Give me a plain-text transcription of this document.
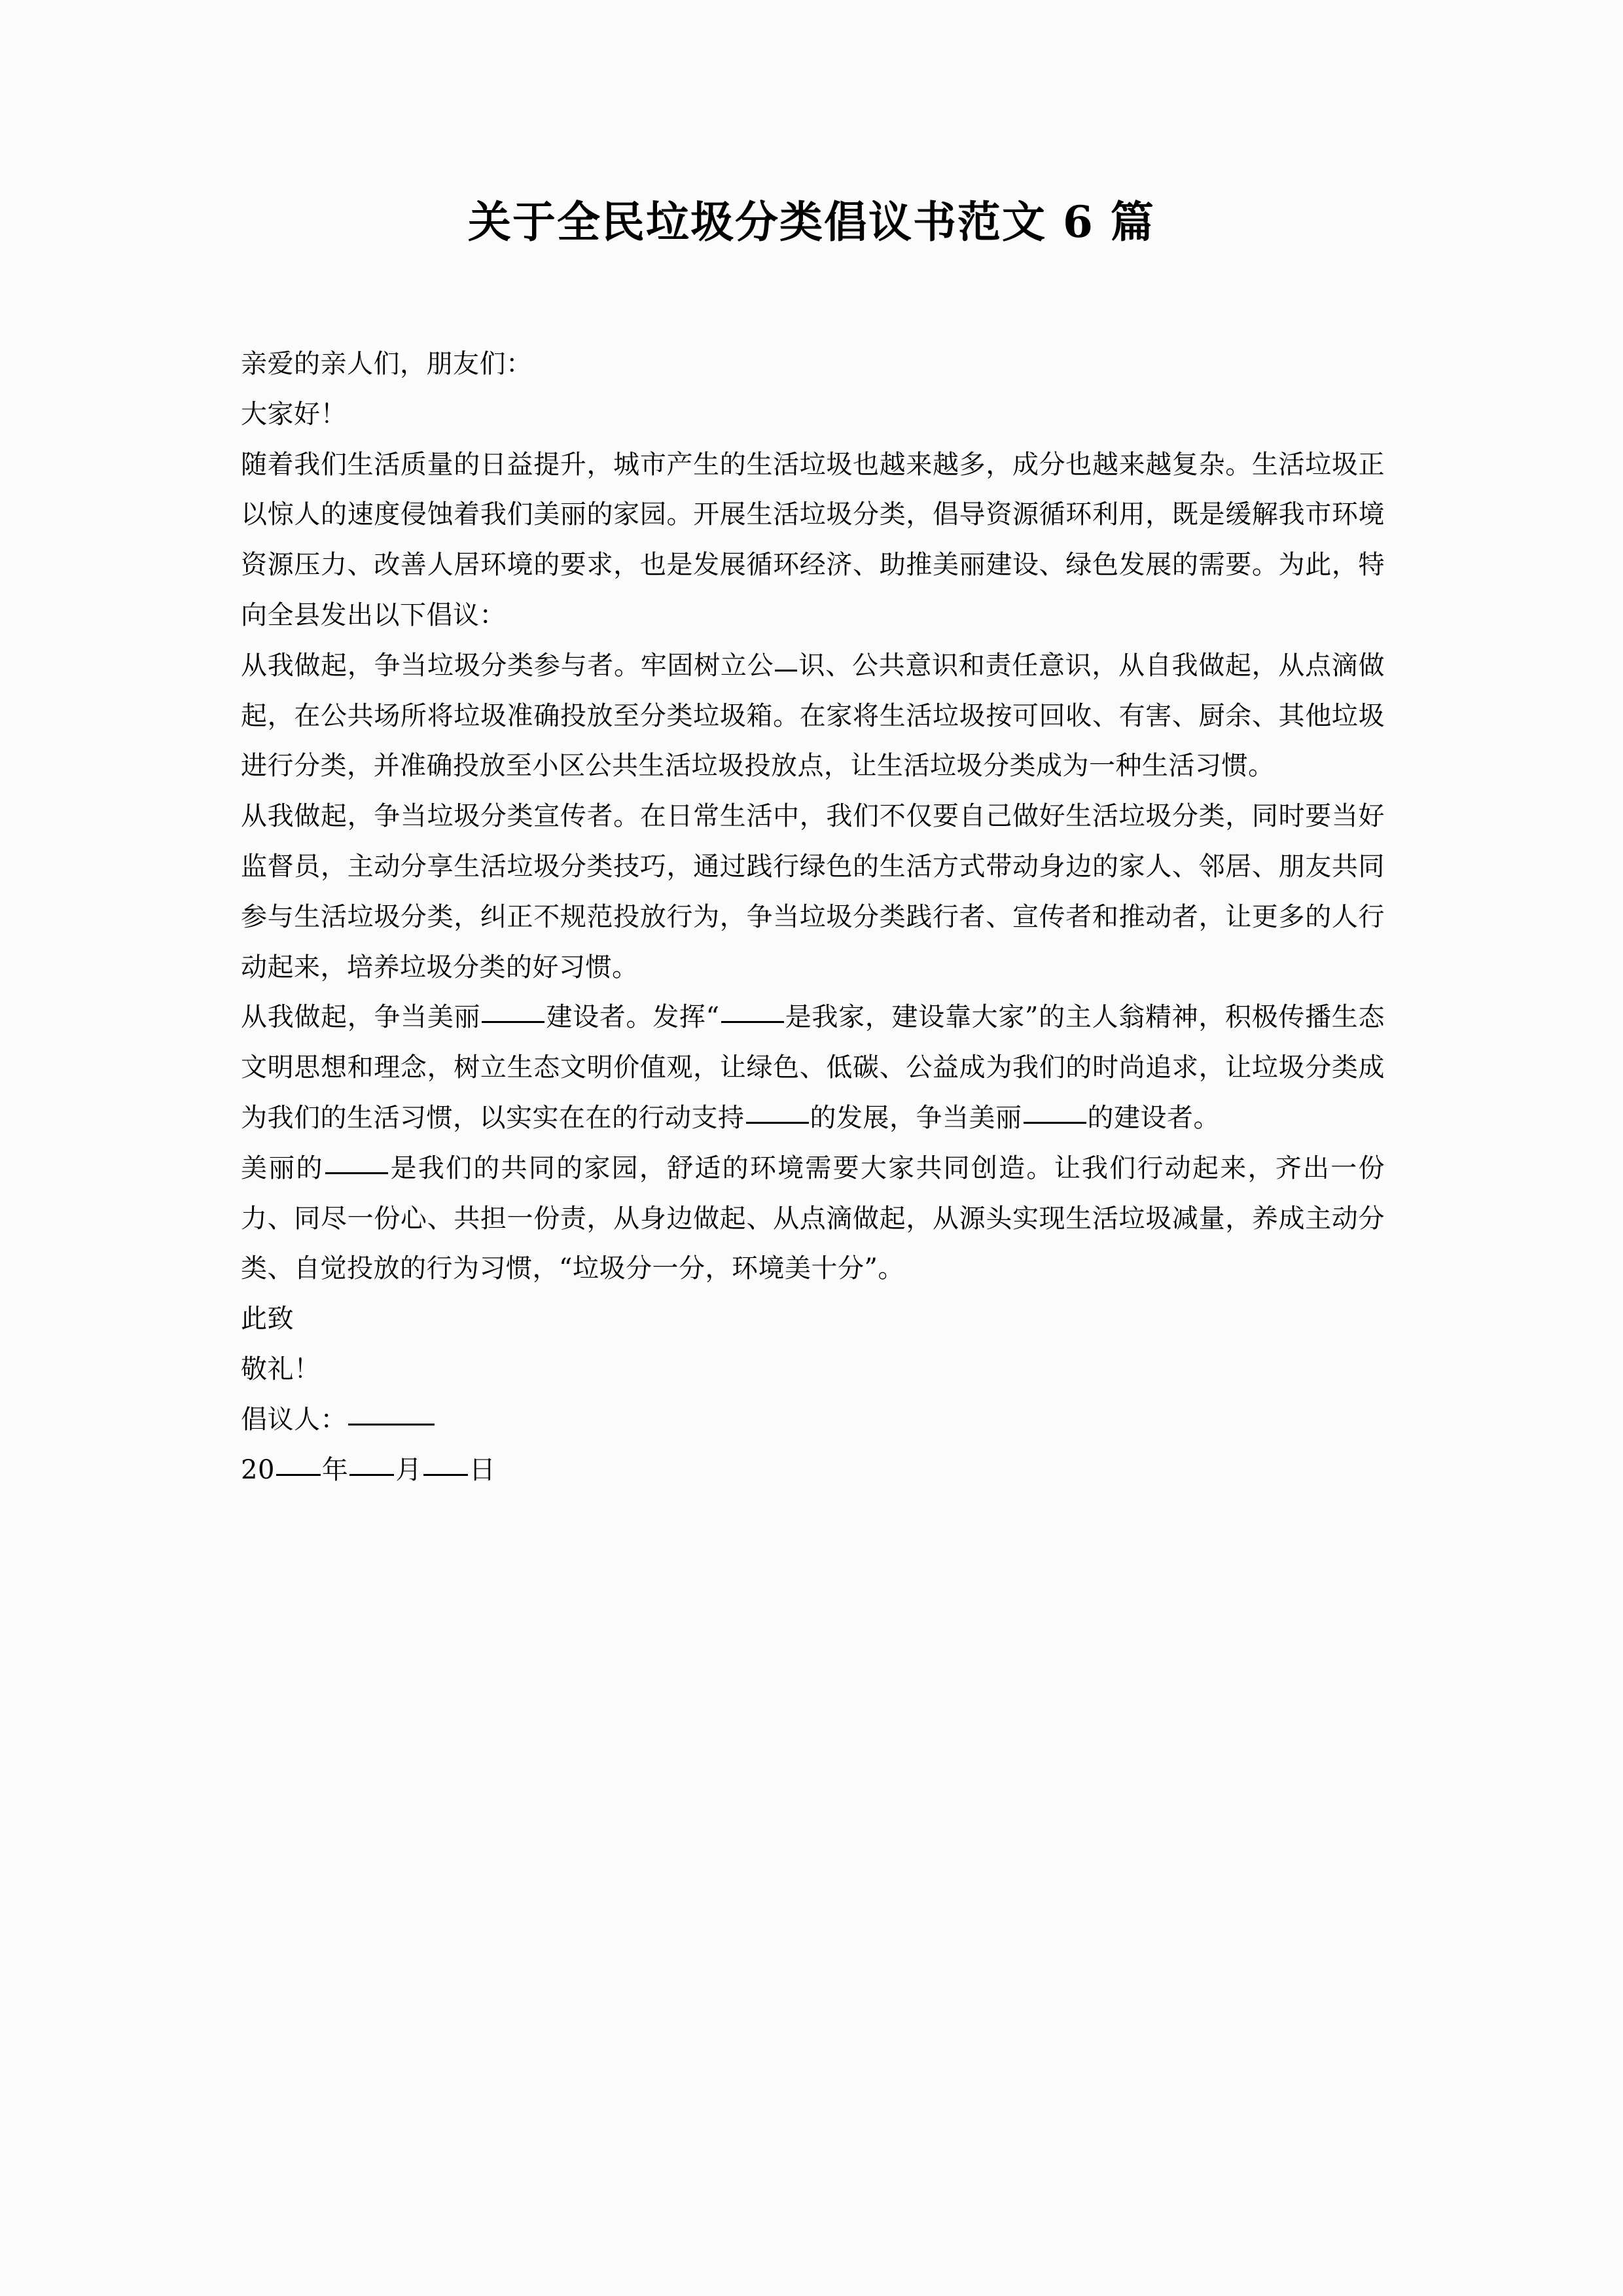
关于全民垃圾分类倡议书范文 6 篇

亲爱的亲人们，朋友们：

大家好！

随着我们生活质量的日益提升，城市产生的生活垃圾也越来越多，成分也越来越复杂。生活垃圾正以惊人的速度侵蚀着我们美丽的家园。开展生活垃圾分类，倡导资源循环利用，既是缓解我市环境资源压力、改善人居环境的要求，也是发展循环经济、助推美丽建设、绿色发展的需要。为此，特向全县发出以下倡议：

从我做起，争当垃圾分类参与者。牢固树立公 识、公共意识和责任意识，从自我做起，从点滴做起，在公共场所将垃圾准确投放至分类垃圾箱。在家将生活垃圾按可回收、有害、厨余、其他垃圾进行分类，并准确投放至小区公共生活垃圾投放点，让生活垃圾分类成为一种生活习惯。

从我做起，争当垃圾分类宣传者。在日常生活中，我们不仅要自己做好生活垃圾分类，同时要当好监督员，主动分享生活垃圾分类技巧，通过践行绿色的生活方式带动身边的家人、邻居、朋友共同参与生活垃圾分类，纠正不规范投放行为，争当垃圾分类践行者、宣传者和推动者，让更多的人行动起来，培养垃圾分类的好习惯。

从我做起，争当美丽	建设者。发挥“	是我家，建设靠大家”的主人翁精神，积极传播生态文明思想和理念，树立生态文明价值观，让绿色、低碳、公益成为我们的时尚追求，让垃圾分类成为我们的生活习惯，以实实在在的行动支持	的发展，争当美丽	的建设者。

美丽的	是我们的共同的家园，舒适的环境需要大家共同创造。让我们行动起来，齐出一份力、同尽一份心、共担一份责，从身边做起、从点滴做起，从源头实现生活垃圾减量，养成主动分类、自觉投放的行为习惯，“垃圾分一分，环境美十分”。

此致

敬礼！

倡议人：

20 年 月 日
